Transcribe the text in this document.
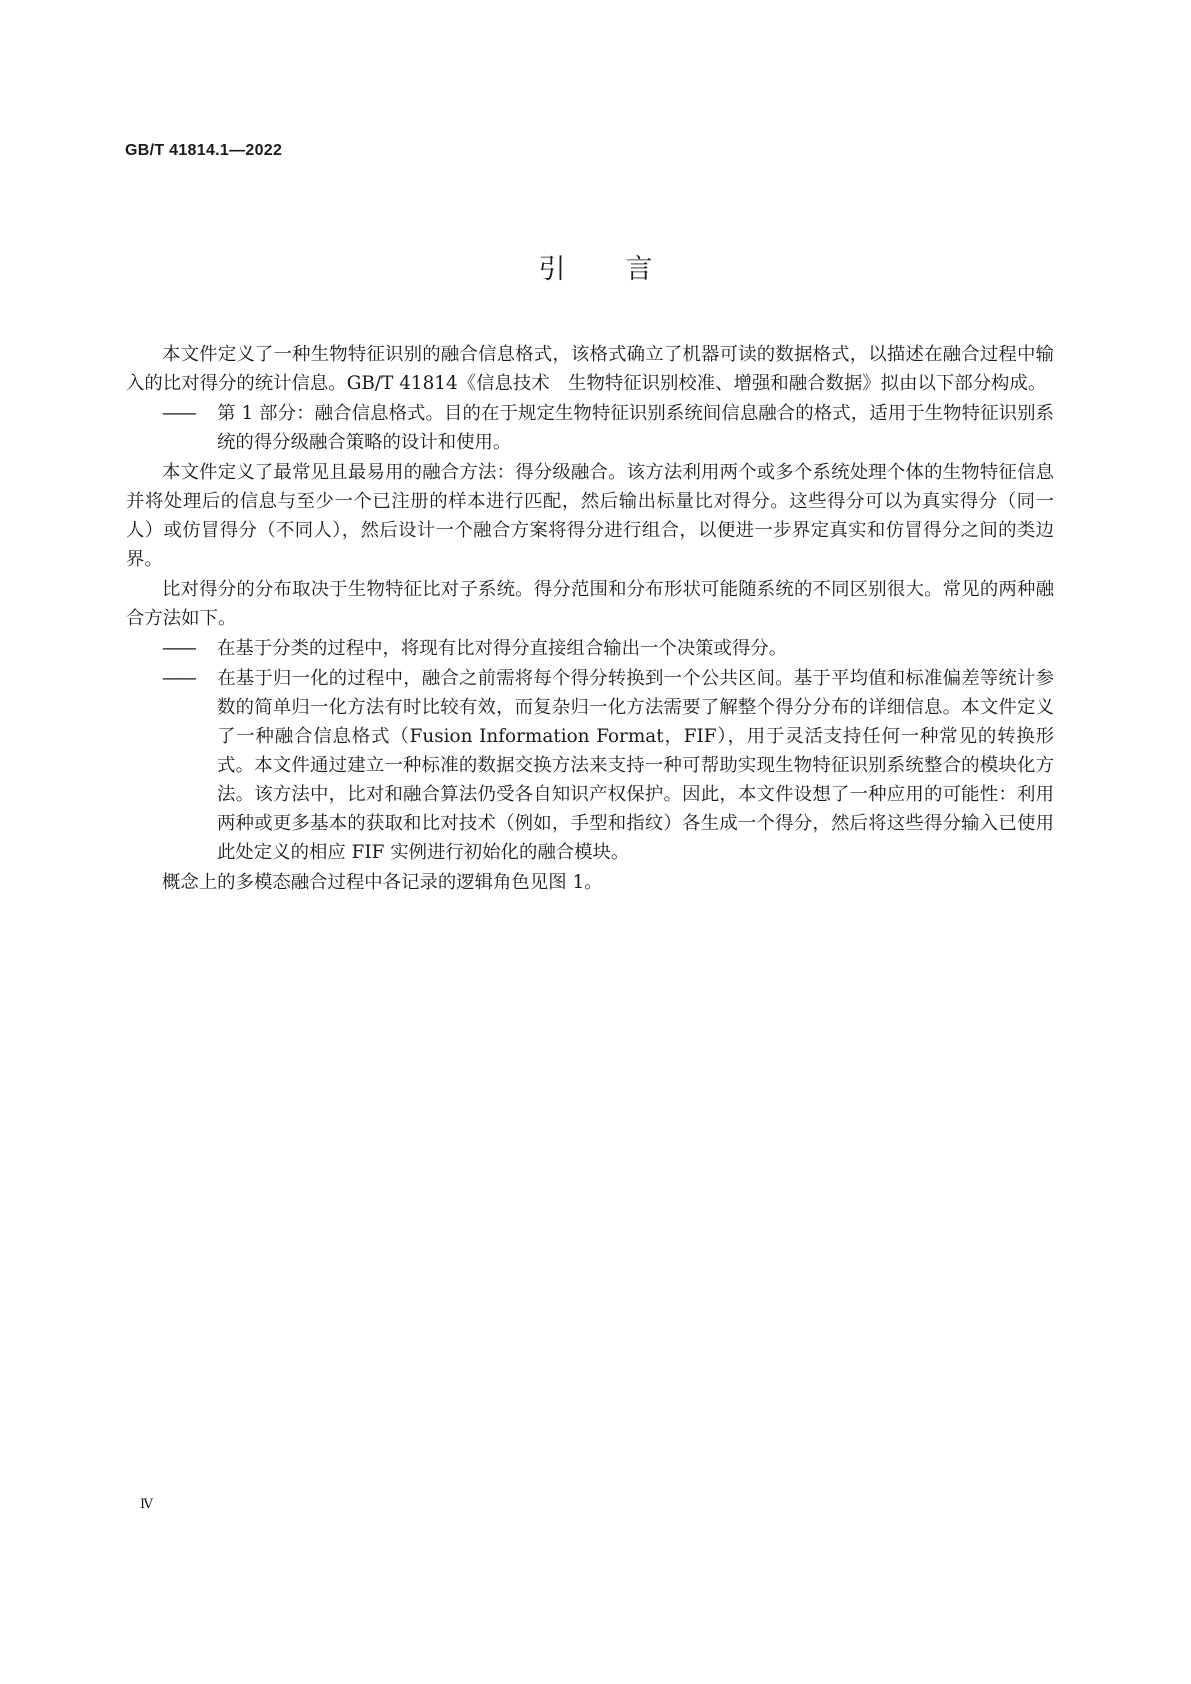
GB/T 41814.1—2022
引言

本文件定义了一种生物特征识别的融合信息格式，该格式确立了机器可读的数据格式，以描述在融合过程中输入的比对得分的统计信息。GB/T 41814《信息技术　生物特征识别校准、增强和融合数据》拟由以下部分构成。

—— 第 1 部分：融合信息格式。目的在于规定生物特征识别系统间信息融合的格式，适用于生物特征识别系统的得分级融合策略的设计和使用。

本文件定义了最常见且最易用的融合方法：得分级融合。该方法利用两个或多个系统处理个体的生物特征信息并将处理后的信息与至少一个已注册的样本进行匹配，然后输出标量比对得分。这些得分可以为真实得分（同一人）或仿冒得分（不同人），然后设计一个融合方案将得分进行组合，以便进一步界定真实和仿冒得分之间的类边界。

比对得分的分布取决于生物特征比对子系统。得分范围和分布形状可能随系统的不同区别很大。常见的两种融合方法如下。

—— 在基于分类的过程中，将现有比对得分直接组合输出一个决策或得分。

—— 在基于归一化的过程中，融合之前需将每个得分转换到一个公共区间。基于平均值和标准偏差等统计参数的简单归一化方法有时比较有效，而复杂归一化方法需要了解整个得分分布的详细信息。本文件定义了一种融合信息格式（Fusion Information Format，FIF），用于灵活支持任何一种常见的转换形式。本文件通过建立一种标准的数据交换方法来支持一种可帮助实现生物特征识别系统整合的模块化方法。该方法中，比对和融合算法仍受各自知识产权保护。因此，本文件设想了一种应用的可能性：利用两种或更多基本的获取和比对技术（例如，手型和指纹）各生成一个得分，然后将这些得分输入已使用此处定义的相应 FIF 实例进行初始化的融合模块。

概念上的多模态融合过程中各记录的逻辑角色见图 1。

Ⅳ
